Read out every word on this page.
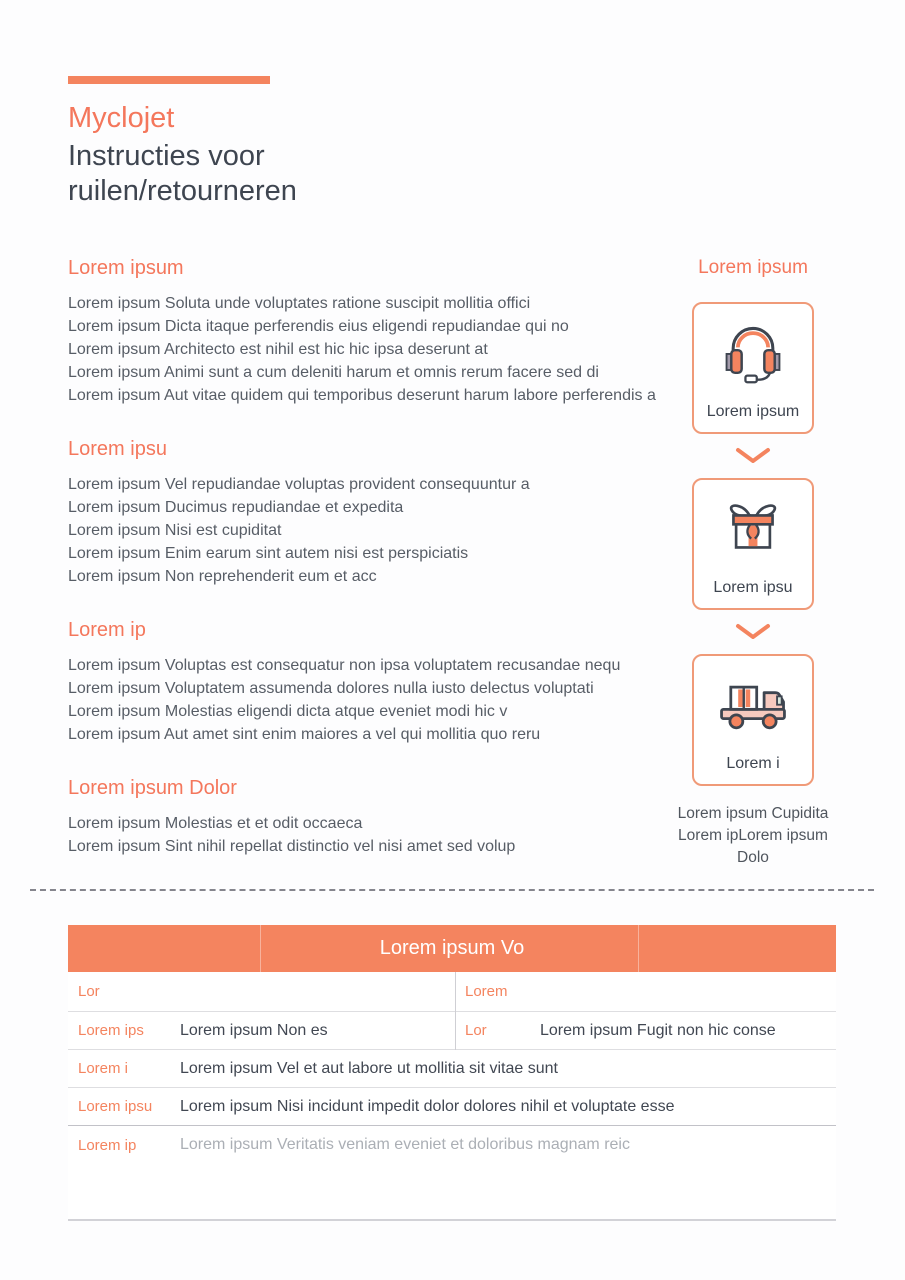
Myclojet
Instructies voor
ruilen/retourneren
Lorem ipsum

Lorem ipsum Soluta unde voluptates ratione suscipit mollitia offici

Lorem ipsum Dicta itaque perferendis eius eligendi repudiandae qui no

Lorem ipsum Architecto est nihil est hic hic ipsa deserunt at

Lorem ipsum Animi sunt a cum deleniti harum et omnis rerum facere sed di

Lorem ipsum Aut vitae quidem qui temporibus deserunt harum labore perferendis a

Lorem ipsu

Lorem ipsum Vel repudiandae voluptas provident consequuntur a

Lorem ipsum Ducimus repudiandae et expedita

Lorem ipsum Nisi est cupiditat

Lorem ipsum Enim earum sint autem nisi est perspiciatis

Lorem ipsum Non reprehenderit eum et acc

Lorem ip

Lorem ipsum Voluptas est consequatur non ipsa voluptatem recusandae nequ

Lorem ipsum Voluptatem assumenda dolores nulla iusto delectus voluptati

Lorem ipsum Molestias eligendi dicta atque eveniet modi hic v

Lorem ipsum Aut amet sint enim maiores a vel qui mollitia quo reru

Lorem ipsum Dolor

Lorem ipsum Molestias et et odit occaeca

Lorem ipsum Sint nihil repellat distinctio vel nisi amet sed volup

Lorem ipsum
Lorem ipsum
Lorem ipsu
Lorem i
Lorem ipsum Cupidita
Lorem ipLorem ipsum Dolo
Lorem ipsum Vo
Lor	Lorem
Lorem ips	Lorem ipsum Non es	Lor	Lorem ipsum Fugit non hic conse
Lorem i	Lorem ipsum Vel et aut labore ut mollitia sit vitae sunt
Lorem ipsu	Lorem ipsum Nisi incidunt impedit dolor dolores nihil et voluptate esse
Lorem ip	Lorem ipsum Veritatis veniam eveniet et doloribus magnam reic
